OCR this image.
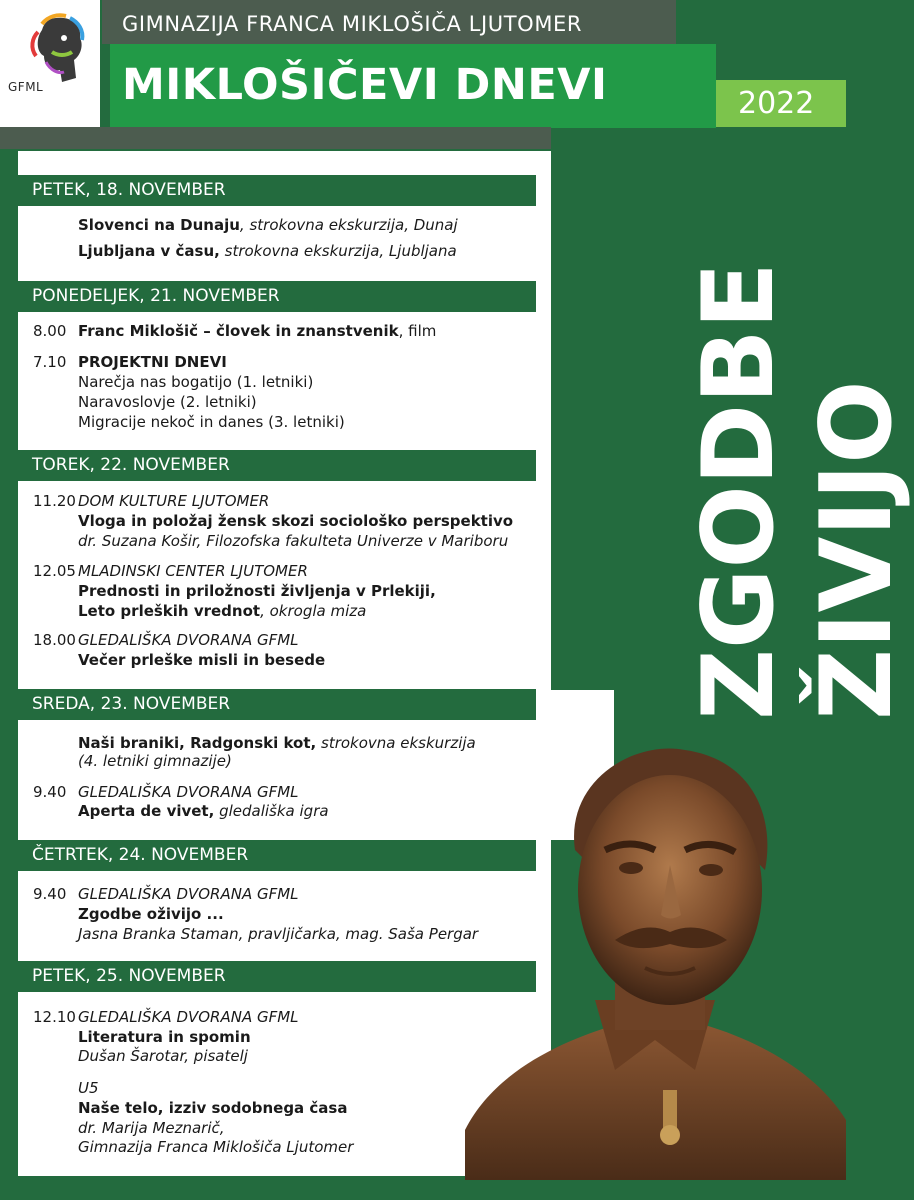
GFML
GIMNAZIJA FRANCA MIKLOŠIČA LJUTOMER
MIKLOŠIČEVI DNEVI	2022
PETEK, 18. NOVEMBER
Slovenci na Dunaju, strokovna ekskurzija, Dunaj
Ljubljana v času, strokovna ekskurzija, Ljubljana
PONEDELJEK, 21. NOVEMBER
8.00 Franc Miklošič – človek in znanstvenik, film
7.10 PROJEKTNI DNEVI
Narečja nas bogatijo (1. letniki)
Naravoslovje (2. letniki)
Migracije nekoč in danes (3. letniki)
TOREK, 22. NOVEMBER
11.20 DOM KULTURE LJUTOMER
Vloga in položaj žensk skozi sociološko perspektivo
dr. Suzana Košir, Filozofska fakulteta Univerze v Mariboru
12.05 MLADINSKI CENTER LJUTOMER
Prednosti in priložnosti življenja v Prlekiji,
Leto prleških vrednot, okrogla miza
18.00 GLEDALIŠKA DVORANA GFML
Večer prleške misli in besede
SREDA, 23. NOVEMBER
Naši braniki, Radgonski kot, strokovna ekskurzija
(4. letniki gimnazije)
9.40 GLEDALIŠKA DVORANA GFML
Aperta de vivet, gledališka igra
ČETRTEK, 24. NOVEMBER
9.40 GLEDALIŠKA DVORANA GFML
Zgodbe oživijo ...
Jasna Branka Staman, pravljičarka, mag. Saša Pergar
PETEK, 25. NOVEMBER
12.10 GLEDALIŠKA DVORANA GFML
Literatura in spomin
Dušan Šarotar, pisatelj
U5
Naše telo, izziv sodobnega časa
dr. Marija Meznarič,
Gimnazija Franca Miklošiča Ljutomer
ZGODBE ŽIVIJO
